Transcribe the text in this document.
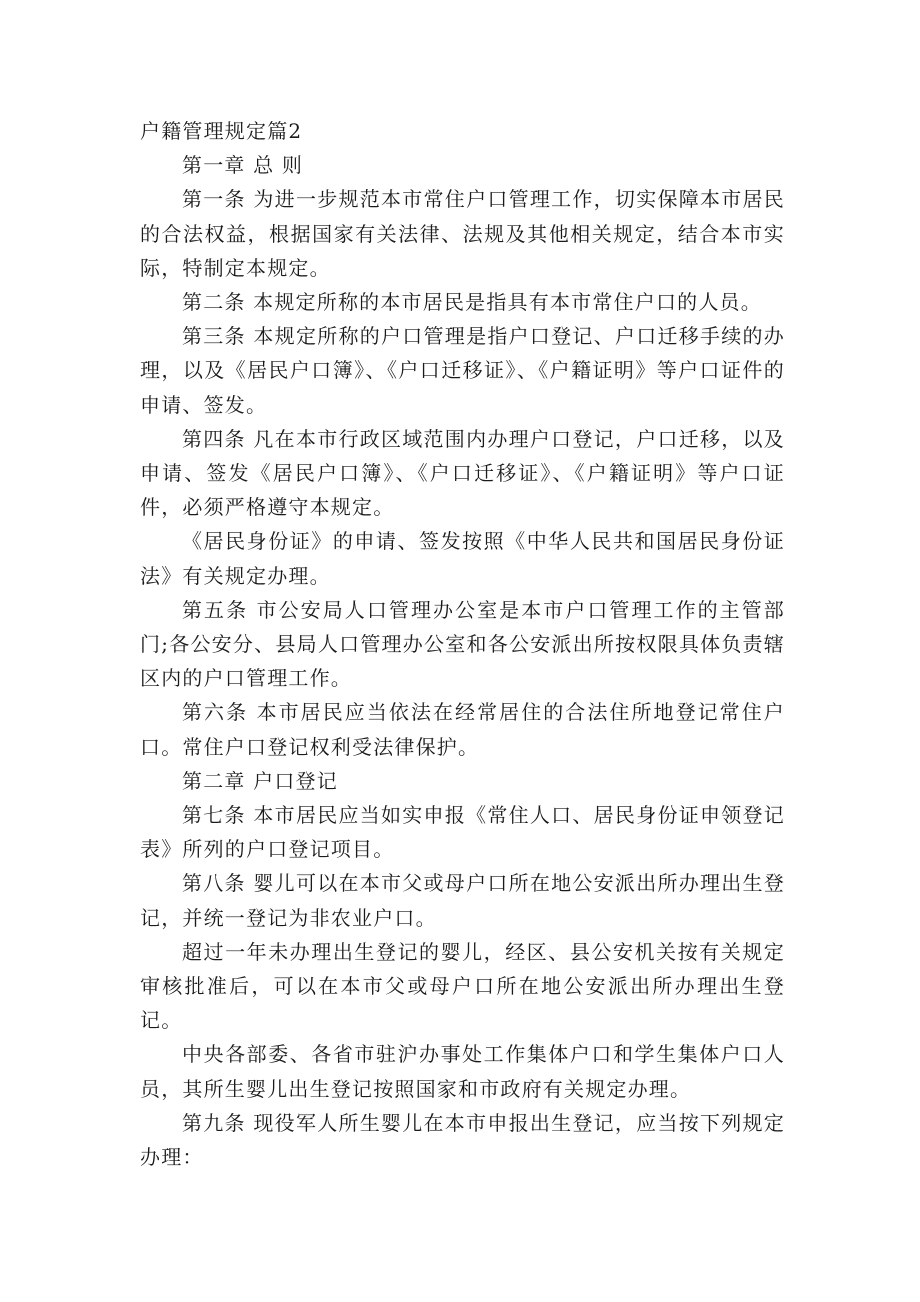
户籍管理规定篇2

第一章 总 则

第一条 为进一步规范本市常住户口管理工作，切实保障本市居民的合法权益，根据国家有关法律、法规及其他相关规定，结合本市实际，特制定本规定。

第二条 本规定所称的本市居民是指具有本市常住户口的人员。

第三条 本规定所称的户口管理是指户口登记、户口迁移手续的办理，以及《居民户口簿》、《户口迁移证》、《户籍证明》等户口证件的申请、签发。

第四条 凡在本市行政区域范围内办理户口登记，户口迁移，以及申请、签发《居民户口簿》、《户口迁移证》、《户籍证明》等户口证件，必须严格遵守本规定。

《居民身份证》的申请、签发按照《中华人民共和国居民身份证法》有关规定办理。

第五条 市公安局人口管理办公室是本市户口管理工作的主管部门;各公安分、县局人口管理办公室和各公安派出所按权限具体负责辖区内的户口管理工作。

第六条 本市居民应当依法在经常居住的合法住所地登记常住户口。常住户口登记权利受法律保护。

第二章 户口登记

第七条 本市居民应当如实申报《常住人口、居民身份证申领登记表》所列的户口登记项目。

第八条 婴儿可以在本市父或母户口所在地公安派出所办理出生登记，并统一登记为非农业户口。

超过一年未办理出生登记的婴儿，经区、县公安机关按有关规定审核批准后，可以在本市父或母户口所在地公安派出所办理出生登记。

中央各部委、各省市驻沪办事处工作集体户口和学生集体户口人员，其所生婴儿出生登记按照国家和市政府有关规定办理。

第九条 现役军人所生婴儿在本市申报出生登记，应当按下列规定办理：
